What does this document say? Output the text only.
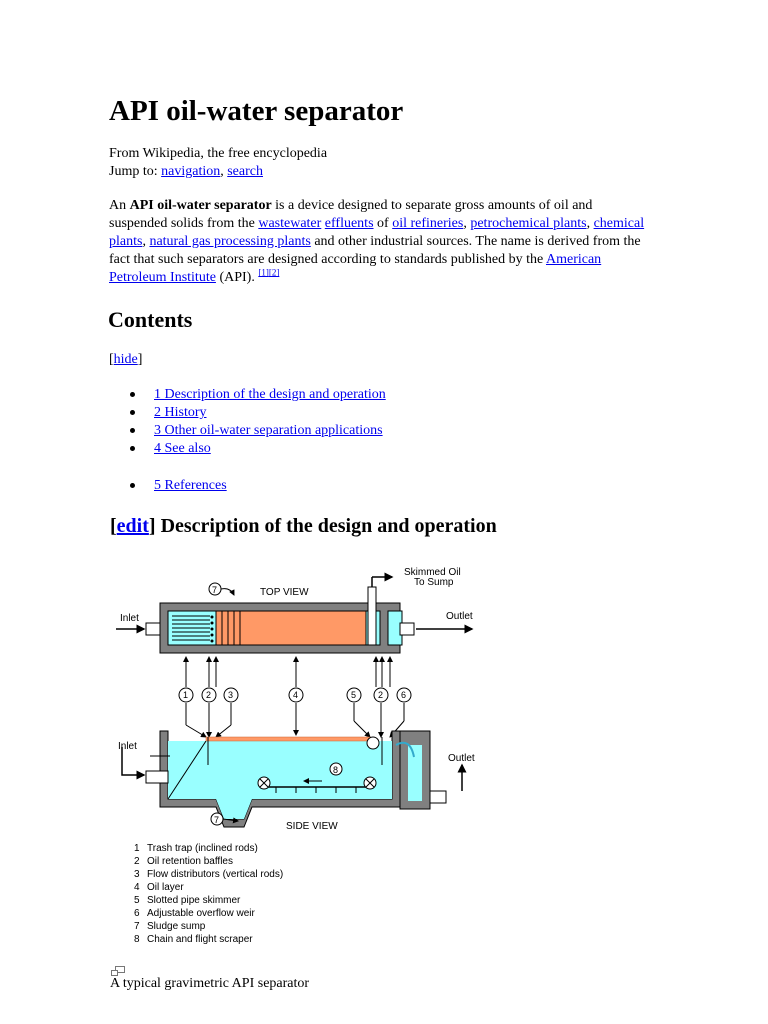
API oil-water separator
From Wikipedia, the free encyclopedia
Jump to: navigation, search

An API oil-water separator is a device designed to separate gross amounts of oil and suspended solids from the wastewater effluents of oil refineries, petrochemical plants, chemical plants, natural gas processing plants and other industrial sources. The name is derived from the fact that such separators are designed according to standards published by the American Petroleum Institute (API). [1][2]

Contents
[hide]
1 Description of the design and operation
2 History
3 Other oil-water separation applications
4 See also
5 References
[edit] Description of the design and operation
Inlet	Outlet
TOP VIEW
Skimmed Oil
To Sump
7
1 2 3	4	5 2 6
8
7
Inlet
Outlet
SIDE VIEW
1 Trash trap (inclined rods)
2 Oil retention baffles
3 Flow distributors (vertical rods)
4 Oil layer
5 Slotted pipe skimmer
6 Adjustable overflow weir
7 Sludge sump
8 Chain and flight scraper
A typical gravimetric API separator
